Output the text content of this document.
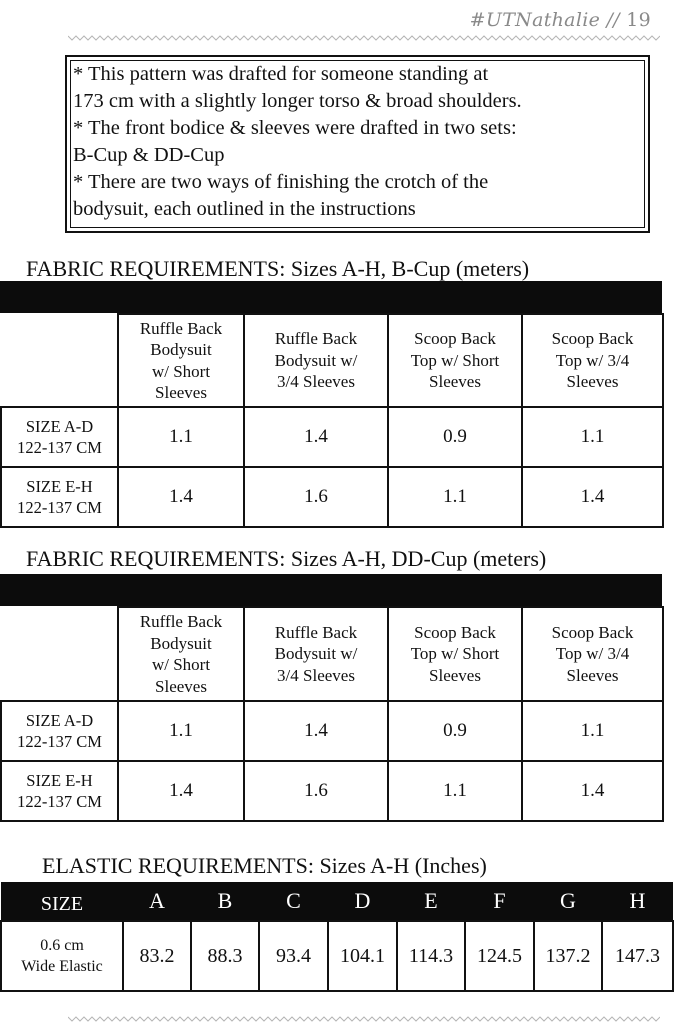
#UTNathalie // 19
* This pattern was drafted for someone standing at
173 cm with a slightly longer torso & broad shoulders.
* The front bodice & sleeves were drafted in two sets:
B-Cup & DD-Cup
* There are two ways of finishing the crotch of the
bodysuit, each outlined in the instructions
FABRIC REQUIREMENTS: Sizes A-H, B-Cup (meters)
	Ruffle Back
Bodysuit
w/ Short
Sleeves	Ruffle Back
Bodysuit w/
3/4 Sleeves	Scoop Back
Top w/ Short
Sleeves	Scoop Back
Top w/ 3/4
Sleeves
SIZE A-D
122-137 CM	1.1	1.4	0.9	1.1
SIZE E-H
122-137 CM	1.4	1.6	1.1	1.4
FABRIC REQUIREMENTS: Sizes A-H, DD-Cup (meters)
	Ruffle Back
Bodysuit
w/ Short
Sleeves	Ruffle Back
Bodysuit w/
3/4 Sleeves	Scoop Back
Top w/ Short
Sleeves	Scoop Back
Top w/ 3/4
Sleeves
SIZE A-D
122-137 CM	1.1	1.4	0.9	1.1
SIZE E-H
122-137 CM	1.4	1.6	1.1	1.4
ELASTIC REQUIREMENTS: Sizes A-H (Inches)
SIZE	A	B	C	D	E	F	G	H
0.6 cm
Wide Elastic	83.2	88.3	93.4	104.1	114.3	124.5	137.2	147.3
